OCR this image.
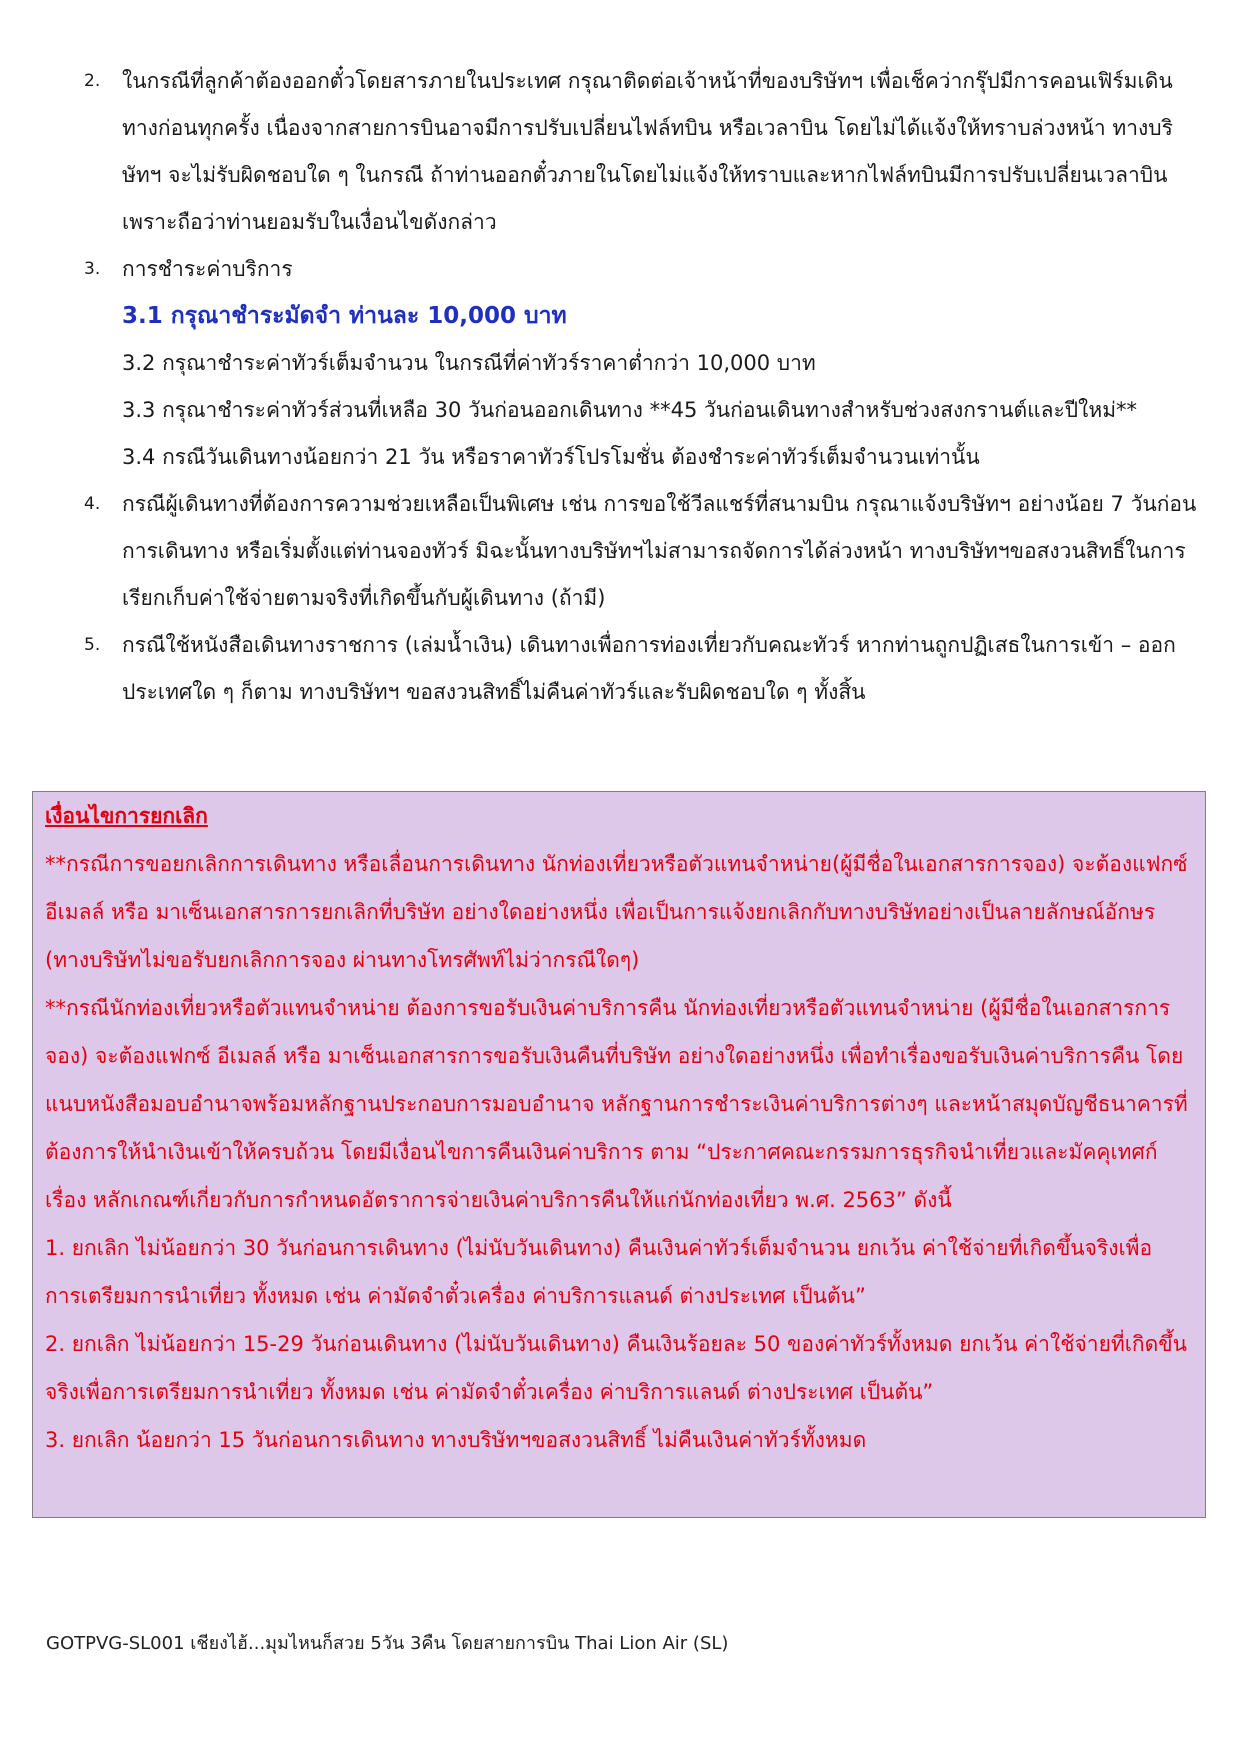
2. ในกรณีที่ลูกค้าต้องออกตั๋วโดยสารภายในประเทศ กรุณาติดต่อเจ้าหน้าที่ของบริษัทฯ เพื่อเช็คว่ากรุ๊ปมีการคอนเฟิร์มเดินทางก่อนทุกครั้ง เนื่องจากสายการบินอาจมีการปรับเปลี่ยนไฟล์ทบิน หรือเวลาบิน โดยไม่ได้แจ้งให้ทราบล่วงหน้า ทางบริษัทฯ จะไม่รับผิดชอบใด ๆ ในกรณี ถ้าท่านออกตั๋วภายในโดยไม่แจ้งให้ทราบและหากไฟล์ทบินมีการปรับเปลี่ยนเวลาบินเพราะถือว่าท่านยอมรับในเงื่อนไขดังกล่าว
3. การชำระค่าบริการ
3.1 กรุณาชำระมัดจำ ท่านละ 10,000 บาท
3.2 กรุณาชำระค่าทัวร์เต็มจำนวน ในกรณีที่ค่าทัวร์ราคาต่ำกว่า 10,000 บาท
3.3 กรุณาชำระค่าทัวร์ส่วนที่เหลือ 30 วันก่อนออกเดินทาง **45 วันก่อนเดินทางสำหรับช่วงสงกรานต์และปีใหม่**
3.4 กรณีวันเดินทางน้อยกว่า 21 วัน หรือราคาทัวร์โปรโมชั่น ต้องชำระค่าทัวร์เต็มจำนวนเท่านั้น
4. กรณีผู้เดินทางที่ต้องการความช่วยเหลือเป็นพิเศษ เช่น การขอใช้วีลแชร์ที่สนามบิน กรุณาแจ้งบริษัทฯ อย่างน้อย 7 วันก่อนการเดินทาง หรือเริ่มตั้งแต่ท่านจองทัวร์ มิฉะนั้นทางบริษัทฯไม่สามารถจัดการได้ล่วงหน้า ทางบริษัทฯขอสงวนสิทธิ์ในการเรียกเก็บค่าใช้จ่ายตามจริงที่เกิดขึ้นกับผู้เดินทาง (ถ้ามี)
5. กรณีใช้หนังสือเดินทางราชการ (เล่มน้ำเงิน) เดินทางเพื่อการท่องเที่ยวกับคณะทัวร์ หากท่านถูกปฏิเสธในการเข้า – ออกประเทศใด ๆ ก็ตาม ทางบริษัทฯ ขอสงวนสิทธิ์ไม่คืนค่าทัวร์และรับผิดชอบใด ๆ ทั้งสิ้น

เงื่อนไขการยกเลิก

**กรณีการขอยกเลิกการเดินทาง หรือเลื่อนการเดินทาง นักท่องเที่ยวหรือตัวแทนจำหน่าย(ผู้มีชื่อในเอกสารการจอง) จะต้องแฟกซ์ อีเมลล์ หรือ มาเซ็นเอกสารการยกเลิกที่บริษัท อย่างใดอย่างหนึ่ง เพื่อเป็นการแจ้งยกเลิกกับทางบริษัทอย่างเป็นลายลักษณ์อักษร (ทางบริษัทไม่ขอรับยกเลิกการจอง ผ่านทางโทรศัพท์ไม่ว่ากรณีใดๆ)

**กรณีนักท่องเที่ยวหรือตัวแทนจำหน่าย ต้องการขอรับเงินค่าบริการคืน นักท่องเที่ยวหรือตัวแทนจำหน่าย (ผู้มีชื่อในเอกสารการจอง) จะต้องแฟกซ์ อีเมลล์ หรือ มาเซ็นเอกสารการขอรับเงินคืนที่บริษัท อย่างใดอย่างหนึ่ง เพื่อทำเรื่องขอรับเงินค่าบริการคืน โดยแนบหนังสือมอบอำนาจพร้อมหลักฐานประกอบการมอบอำนาจ หลักฐานการชำระเงินค่าบริการต่างๆ และหน้าสมุดบัญชีธนาคารที่ต้องการให้นำเงินเข้าให้ครบถ้วน โดยมีเงื่อนไขการคืนเงินค่าบริการ ตาม “ประกาศคณะกรรมการธุรกิจนำเที่ยวและมัคคุเทศก์ เรื่อง หลักเกณฑ์เกี่ยวกับการกำหนดอัตราการจ่ายเงินค่าบริการคืนให้แก่นักท่องเที่ยว พ.ศ. 2563” ดังนี้

1. ยกเลิก ไม่น้อยกว่า 30 วันก่อนการเดินทาง (ไม่นับวันเดินทาง) คืนเงินค่าทัวร์เต็มจำนวน ยกเว้น ค่าใช้จ่ายที่เกิดขึ้นจริงเพื่อการเตรียมการนำเที่ยว ทั้งหมด เช่น ค่ามัดจำตั๋วเครื่อง ค่าบริการแลนด์ ต่างประเทศ เป็นต้น”

2. ยกเลิก ไม่น้อยกว่า 15-29 วันก่อนเดินทาง (ไม่นับวันเดินทาง) คืนเงินร้อยละ 50 ของค่าทัวร์ทั้งหมด ยกเว้น ค่าใช้จ่ายที่เกิดขึ้นจริงเพื่อการเตรียมการนำเที่ยว ทั้งหมด เช่น ค่ามัดจำตั๋วเครื่อง ค่าบริการแลนด์ ต่างประเทศ เป็นต้น”

3. ยกเลิก น้อยกว่า 15 วันก่อนการเดินทาง ทางบริษัทฯขอสงวนสิทธิ์ ไม่คืนเงินค่าทัวร์ทั้งหมด

GOTPVG-SL001 เชียงไฮ้...มุมไหนก็สวย 5วัน 3คืน โดยสายการบิน Thai Lion Air (SL)
